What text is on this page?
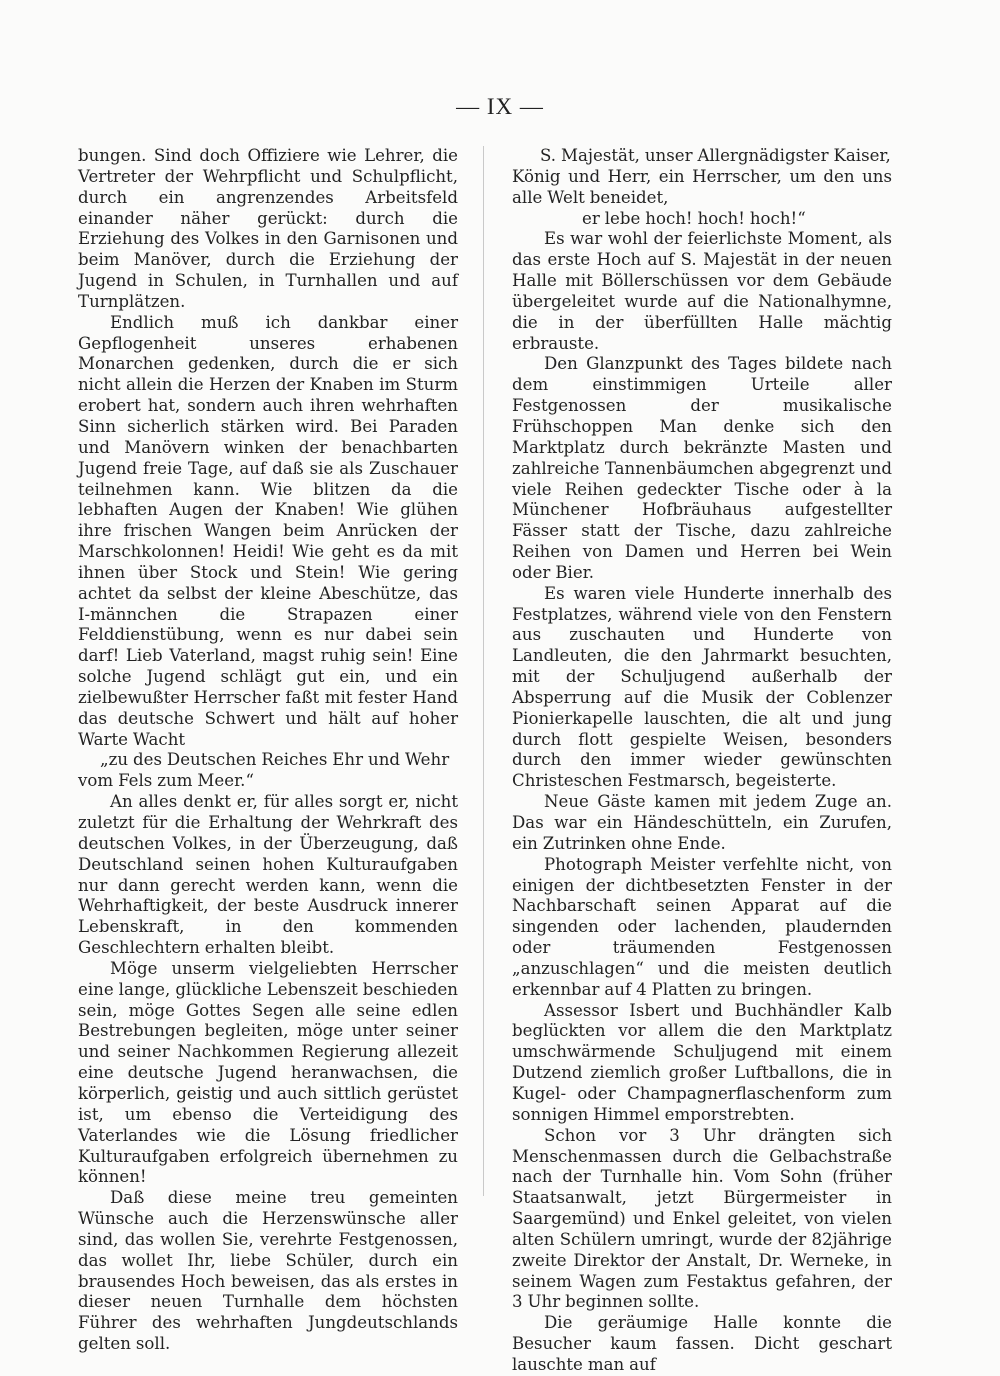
— IX —

bungen. Sind doch Offiziere wie Lehrer, die Vertreter der Wehrpflicht und Schulpflicht, durch ein angrenzendes Arbeitsfeld einander näher gerückt: durch die Erziehung des Volkes in den Garnisonen und beim Manöver, durch die Erziehung der Jugend in Schulen, in Turnhallen und auf Turnplätzen.

Endlich muß ich dankbar einer Gepflogenheit unseres erhabenen Monarchen gedenken, durch die er sich nicht allein die Herzen der Knaben im Sturm erobert hat, sondern auch ihren wehrhaften Sinn sicherlich stärken wird. Bei Paraden und Manövern winken der benachbarten Jugend freie Tage, auf daß sie als Zuschauer teilnehmen kann. Wie blitzen da die lebhaften Augen der Knaben! Wie glühen ihre frischen Wangen beim Anrücken der Marschkolonnen! Heidi! Wie geht es da mit ihnen über Stock und Stein! Wie gering achtet da selbst der kleine Abeschütze, das I-männchen die Strapazen einer Felddienstübung, wenn es nur dabei sein darf! Lieb Vaterland, magst ruhig sein! Eine solche Jugend schlägt gut ein, und ein zielbewußter Herrscher faßt mit fester Hand das deutsche Schwert und hält auf hoher Warte Wacht

„zu des Deutschen Reiches Ehr und Wehr

vom Fels zum Meer.“

An alles denkt er, für alles sorgt er, nicht zuletzt für die Erhaltung der Wehrkraft des deutschen Volkes, in der Überzeugung, daß Deutschland seinen hohen Kulturaufgaben nur dann gerecht werden kann, wenn die Wehrhaftigkeit, der beste Ausdruck innerer Lebenskraft, in den kommenden Geschlechtern erhalten bleibt.

Möge unserm vielgeliebten Herrscher eine lange, glückliche Lebenszeit beschieden sein, möge Gottes Segen alle seine edlen Bestrebungen begleiten, möge unter seiner und seiner Nachkommen Regierung allezeit eine deutsche Jugend heranwachsen, die körperlich, geistig und auch sittlich gerüstet ist, um ebenso die Verteidigung des Vaterlandes wie die Lösung friedlicher Kulturaufgaben erfolgreich übernehmen zu können!

Daß diese meine treu gemeinten Wünsche auch die Herzenswünsche aller sind, das wollen Sie, verehrte Festgenossen, das wollet Ihr, liebe Schüler, durch ein brausendes Hoch beweisen, das als erstes in dieser neuen Turnhalle dem höchsten Führer des wehrhaften Jungdeutschlands gelten soll.

S. Majestät, unser Allergnädigster Kaiser,

König und Herr, ein Herrscher, um den uns alle Welt beneidet,

er lebe hoch! hoch! hoch!“

Es war wohl der feierlichste Moment, als das erste Hoch auf S. Majestät in der neuen Halle mit Böllerschüssen vor dem Gebäude übergeleitet wurde auf die Nationalhymne, die in der überfüllten Halle mächtig erbrauste.

Den Glanzpunkt des Tages bildete nach dem einstimmigen Urteile aller Festgenossen der musikalische Frühschoppen Man denke sich den Marktplatz durch bekränzte Masten und zahlreiche Tannenbäumchen abgegrenzt und viele Reihen gedeckter Tische oder à la Münchener Hofbräuhaus aufgestellter Fässer statt der Tische, dazu zahlreiche Reihen von Damen und Herren bei Wein oder Bier.

Es waren viele Hunderte innerhalb des Festplatzes, während viele von den Fenstern aus zuschauten und Hunderte von Landleuten, die den Jahrmarkt besuchten, mit der Schuljugend außerhalb der Absperrung auf die Musik der Coblenzer Pionierkapelle lauschten, die alt und jung durch flott gespielte Weisen, besonders durch den immer wieder gewünschten Christeschen Festmarsch, begeisterte.

Neue Gäste kamen mit jedem Zuge an. Das war ein Händeschütteln, ein Zurufen, ein Zutrinken ohne Ende.

Photograph Meister verfehlte nicht, von einigen der dichtbesetzten Fenster in der Nachbarschaft seinen Apparat auf die singenden oder lachenden, plaudernden oder träumenden Festgenossen „anzuschlagen“ und die meisten deutlich erkennbar auf 4 Platten zu bringen.

Assessor Isbert und Buchhändler Kalb beglückten vor allem die den Marktplatz umschwärmende Schuljugend mit einem Dutzend ziemlich großer Luftballons, die in Kugel- oder Champagnerflaschenform zum sonnigen Himmel emporstrebten.

Schon vor 3 Uhr drängten sich Menschenmassen durch die Gelbachstraße nach der Turnhalle hin. Vom Sohn (früher Staatsanwalt, jetzt Bürgermeister in Saargemünd) und Enkel geleitet, von vielen alten Schülern umringt, wurde der 82jährige zweite Direktor der Anstalt, Dr. Werneke, in seinem Wagen zum Festaktus gefahren, der 3 Uhr beginnen sollte.

Die geräumige Halle konnte die Besucher kaum fassen. Dicht geschart lauschte man auf
